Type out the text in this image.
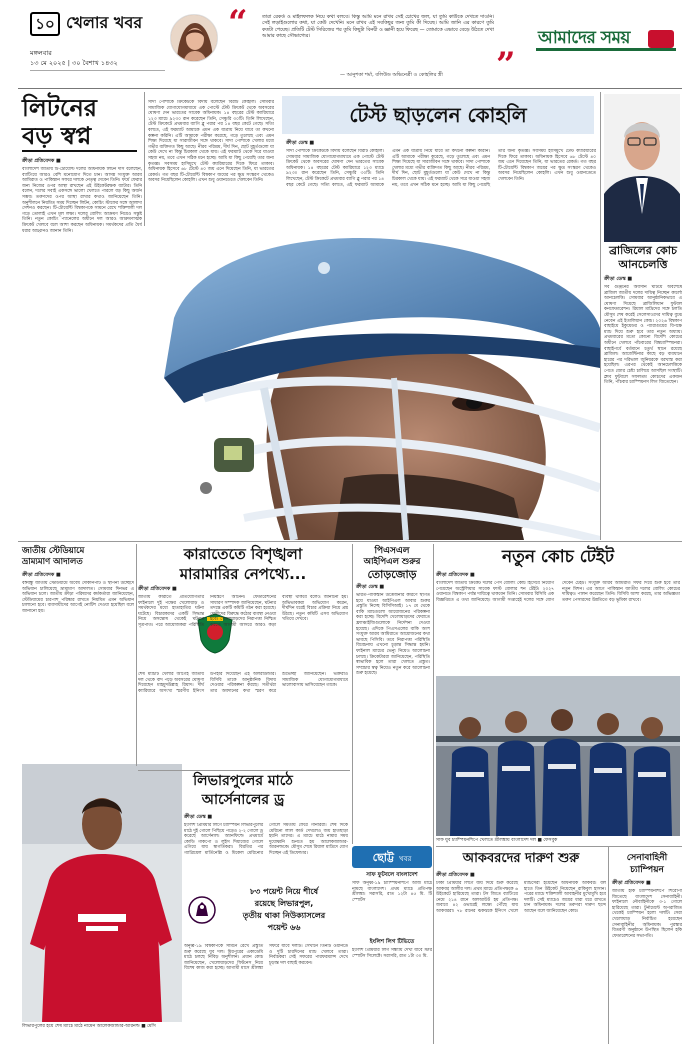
১০ খেলার খবর
মঙ্গলবার
১৩ মে ২০২৫ | ৩০ বৈশাখ ১৪৩২
“	তারা রেকর্ড ও মাইলফলক নিয়ে কথা বলবে। কিন্তু আমি মনে রাখব সেই চোখের জল, যা তুমি কাউকে দেখতে দাওনি। সেই লড়াইগুলোর কথা, যা কেউ দেখেনি। মনে রাখব এই সবকিছুর জন্য তুমি কী দিয়েছ। আমি জানি এর কারণে তুমি কতটা পেয়েছ। প্রতিটি টেস্ট সিরিজের পর তুমি কিছুটা বিনয়ী ও জ্ঞানী হয়ে ফিরেছ — তোমাকে এভাবে বেড়ে উঠতে দেখা আমার কাছে সৌভাগ্যের।
— আনুশকা শর্মা, বলিউড অভিনেত্রী ও কোহলির স্ত্রী ”
আমাদের সময়
লিটনের
বড় স্বপ্ন
ক্রীড়া প্রতিবেদক ■
বাংলাদেশ জাতীয় টি-টোয়েন্টি দলের অধিনায়ক লিটন দাস বলেছেন, ব্যাটিংয়ে আরও বেশি মনোযোগ দিতে চান। আসন্ন সংযুক্ত আরব আমিরাত ও পাকিস্তান সফরে দলকে নেতৃত্ব দেবেন তিনি। ফর্মে ফেরার জন্য নিজের ওপর আস্থা রাখছেন এই উইকেটরক্ষক ব্যাটার। তিনি বলেন, দলের সবাই একসঙ্গে ভালো খেলতে পারলে বড় কিছু অর্জন সম্ভব। তরুণদের ওপর আস্থা রাখার কথাও জানিয়েছেন তিনি। অনুশীলনে নিয়মিত সময় দিচ্ছেন লিটন, কোচিং স্টাফের সঙ্গে আলাদা সেশনও করছেন। টি-টোয়েন্টি বিশ্বকাপকে সামনে রেখে শক্তিশালী দল গড়ে তোলাই এখন মূল লক্ষ্য। দলের বোলিং আক্রমণ নিয়েও সন্তুষ্ট তিনি। নতুন কোচিং প্যানেলের অধীনে দল আরও আক্রমণাত্মক ক্রিকেট খেলবে বলে আশা করছেন অধিনায়ক। সমর্থকদের প্রতি ধৈর্য ধরার আহ্বানও জানান তিনি।
টেস্ট ছাড়লেন কোহলি
ক্রীড়া ডেস্ক ■
সাদা পোশাকে ক্রিকেটকে বিদায় বলেছেন বিরাট কোহলি। সোমবার সামাজিক যোগাযোগমাধ্যমে এক পোস্টে টেস্ট ক্রিকেট থেকে অবসরের ঘোষণা দেন ভারতের সাবেক অধিনায়ক। ১৪ বছরের টেস্ট ক্যারিয়ারে ১২৩ ম্যাচে ৯২৩০ রান করেছেন তিনি, সেঞ্চুরি ৩০টি। তিনি লিখেছেন, টেস্ট ক্রিকেটে প্রথমবার ব্যাগি ব্লু পরার পর ১৪ বছর কেটে গেছে। সত্যি বলতে, এই ফরম্যাট আমাকে এমন এক যাত্রায় নিয়ে যাবে তা কখনো কল্পনা করিনি। এটি আমাকে পরীক্ষা করেছে, গড়ে তুলেছে এবং এমন শিক্ষা দিয়েছে যা সারাজীবন সঙ্গে থাকবে। সাদা পোশাকে খেলার মধ্যে গভীর ব্যক্তিগত কিছু আছে। নীরব পরিশ্রম, দীর্ঘ দিন, ছোট মুহূর্তগুলো যা কেউ দেখে না কিন্তু চিরকাল থেকে যায়। এই ফরম্যাট থেকে সরে যাওয়া সহজ নয়, তবে এখন সঠিক মনে হচ্ছে। আমি যা কিছু পেয়েছি তার জন্য কৃতজ্ঞ। সবসময় হাসিমুখে টেস্ট ক্যারিয়ারের দিকে ফিরে তাকাব। অধিনায়ক হিসেবে ৬৮ টেস্টে ৪০ জয় এনে দিয়েছেন তিনি, যা ভারতের রেকর্ড। গত বছর টি-টোয়েন্টি বিশ্বকাপ জয়ের পর ক্ষুদ্র সংস্করণ থেকেও অবসর নিয়েছিলেন কোহলি। এখন শুধু ওয়ানডেতে খেলবেন তিনি।
সাদা পোশাকে ক্রিকেটকে বিদায় বলেছেন বিরাট কোহলি। সোমবার সামাজিক যোগাযোগমাধ্যমে এক পোস্টে টেস্ট ক্রিকেট থেকে অবসরের ঘোষণা দেন ভারতের সাবেক অধিনায়ক। ১৪ বছরের টেস্ট ক্যারিয়ারে ১২৩ ম্যাচে ৯২৩০ রান করেছেন তিনি, সেঞ্চুরি ৩০টি। তিনি লিখেছেন, টেস্ট ক্রিকেটে প্রথমবার ব্যাগি ব্লু পরার পর ১৪ বছর কেটে গেছে। সত্যি বলতে, এই ফরম্যাট আমাকে এমন এক যাত্রায় নিয়ে যাবে তা কখনো কল্পনা করিনি। এটি আমাকে পরীক্ষা করেছে, গড়ে তুলেছে এবং এমন শিক্ষা দিয়েছে যা সারাজীবন সঙ্গে থাকবে। সাদা পোশাকে খেলার মধ্যে গভীর ব্যক্তিগত কিছু আছে। নীরব পরিশ্রম, দীর্ঘ দিন, ছোট মুহূর্তগুলো যা কেউ দেখে না কিন্তু চিরকাল থেকে যায়। এই ফরম্যাট থেকে সরে যাওয়া সহজ নয়, তবে এখন সঠিক মনে হচ্ছে। আমি যা কিছু পেয়েছি তার জন্য কৃতজ্ঞ। সবসময় হাসিমুখে টেস্ট ক্যারিয়ারের দিকে ফিরে তাকাব। অধিনায়ক হিসেবে ৬৮ টেস্টে ৪০ জয় এনে দিয়েছেন তিনি, যা ভারতের রেকর্ড। গত বছর টি-টোয়েন্টি বিশ্বকাপ জয়ের পর ক্ষুদ্র সংস্করণ থেকেও অবসর নিয়েছিলেন কোহলি। এখন শুধু ওয়ানডেতে খেলবেন তিনি।
ব্রাজিলের কোচ
আনচেলত্তি
ক্রীড়া ডেস্ক ■
সব গুঞ্জনের অবসান ঘটিয়ে অবশেষে ব্রাজিল জাতীয় দলের দায়িত্ব নিচ্ছেন কার্লো আনচেলত্তি। সোমবার আনুষ্ঠানিকভাবে এ ঘোষণা দিয়েছে ব্রাজিলিয়ান ফুটবল কনফেডারেশন। রিয়াল মাদ্রিদের সঙ্গে চলতি মৌসুম শেষ করেই সেলেসাওদের দায়িত্ব বুঝে নেবেন এই ইতালিয়ান কোচ। ২০২৬ বিশ্বকাপ বাছাইয়ে ইকুয়েডর ও প্যারাগুয়ের বিপক্ষে ম্যাচ দিয়ে শুরু হবে তার নতুন অধ্যায়। প্রথমবারের মতো কোনো বিদেশি কোচের অধীনে খেলবে পাঁচবারের বিশ্বচ্যাম্পিয়নরা। বাছাইপর্বে বর্তমানে চতুর্থ স্থানে রয়েছে ব্রাজিল। আর্জেন্টিনার কাছে বড় ব্যবধানে হারের পর দরিভাল জুনিয়রকে বরখাস্ত করা হয়েছিল। এরপর থেকেই আনচেলত্তিকে পেতে জোর চেষ্টা চালিয়ে আসছিল সংস্থাটি। ক্লাব ফুটবলে সফলতম কোচদের একজন তিনি, পাঁচবার চ্যাম্পিয়নস লিগ জিতেছেন।
জাতীয় স্টেডিয়ামে
ভ্রাম্যমাণ আদালত
ক্রীড়া প্রতিবেদক ■
বঙ্গবন্ধু জাতীয় স্টেডিয়ামে অবৈধ দোকানপাট ও স্থাপনা উচ্ছেদে অভিযান চালিয়েছে ভ্রাম্যমাণ আদালত। সোমবার দিনভর এ অভিযান চলে। জাতীয় ক্রীড়া পরিষদের কর্মকর্তারা জানিয়েছেন, স্টেডিয়ামের চারপাশ পরিষ্কার রাখতে নিয়মিত এমন অভিযান চালানো হবে। ব্যবসায়ীদের আগেই নোটিশ দেওয়া হয়েছিল বলে জানানো হয়।
কারাতেতে বিশৃঙ্খলা
মারামারির নেপথ্যে...
ক্রীড়া প্রতিবেদক ■
জাতীয় কারাতে প্রতিযোগিতার ফাইনালে দুই পক্ষের খেলোয়াড় ও সমর্থকদের মধ্যে হাতাহাতির ঘটনা ঘটেছে। বিচারকদের একটি সিদ্ধান্ত নিয়ে অসন্তোষ থেকেই ঘটনার সূত্রপাত। পরে আয়োজকরা পরিস্থিতি নিয়ন্ত্রণে আনেন। ফেডারেশনের সাধারণ সম্পাদক জানিয়েছেন, ঘটনার তদন্তে একটি কমিটি গঠন করা হয়েছে। দোষীদের বিরুদ্ধে কঠোর ব্যবস্থা নেওয়া হবে। খেলোয়াড়দের নিরাপত্তা নিশ্চিত করতে আগামী আসরে আরও কড়া ব্যবস্থা থাকবে বলেও জানানো হয়। অভিভাবকরা অভিযোগ করেন, দীর্ঘদিন ধরেই বিচার প্রক্রিয়া নিয়ে প্রশ্ন উঠছে। নতুন কমিটি এসব অভিযোগ খতিয়ে দেখবে।
পিএসএল
আইপিএল শুরুর
তোড়জোড়
ক্রীড়া ডেস্ক ■
ভারত-পাকিস্তান উত্তেজনার কারণে স্থগিত হয়ে যাওয়া আইপিএল আবার শুরুর প্রস্তুতি নিচ্ছে বিসিসিআই। ১৭ মে থেকে বাকি ম্যাচগুলো আয়োজনের পরিকল্পনা করা হচ্ছে। বিদেশি খেলোয়াড়দের ফেরাতে ফ্র্যাঞ্চাইজিগুলোকে নির্দেশনা দেওয়া হয়েছে। এদিকে পিএসএলের বাকি অংশ সংযুক্ত আরব আমিরাতে আয়োজনের কথা ভাবছে পিসিবি। তবে নিরাপত্তা পরিস্থিতি বিবেচনায় এখনো চূড়ান্ত সিদ্ধান্ত হয়নি। ফাইনাল ম্যাচের ভেন্যু নিয়েও আলোচনা চলছে। ক্রিকেটাররা জানিয়েছেন, পরিস্থিতি স্বাভাবিক হলে তারা খেলতে প্রস্তুত। সম্প্রচার স্বত্ব নিয়েও নতুন করে আলোচনা শুরু হয়েছে।
নতুন কোচ টেইট
ক্রীড়া প্রতিবেদক ■
বাংলাদেশ জাতীয় ক্রিকেট দলের পেস বোলিং কোচ হিসেবে নিয়োগ পেয়েছেন অস্ট্রেলিয়ার সাবেক ফাস্ট বোলার শন টেইট। ২০২৭ ওয়ানডে বিশ্বকাপ পর্যন্ত দায়িত্বে থাকবেন তিনি। সোমবার বিসিবি এক বিজ্ঞপ্তিতে এ তথ্য জানিয়েছে। আগামী সপ্তাহেই দলের সঙ্গে যোগ দেবেন টেইট। সংযুক্ত আরব আমিরাত সফর দিয়ে শুরু হবে তার নতুন মিশন। এর আগে পাকিস্তান জাতীয় দলের বোলিং কোচের দায়িত্বও পালন করেছেন তিনি। বিসিবি আশা করছে, তার অভিজ্ঞতা তরুণ পেসারদের উন্নতিতে বড় ভূমিকা রাখবে।
সাফ যুব চ্যাম্পিয়নশিপে খেলতে শ্রীলঙ্কায় বাংলাদেশ দল ■ ফেসবুক
লিভারপুলের মাঠে
আর্সেনালের ড্র
শেষ ম্যাচটি খেলার আগেই জাতীয় দল থেকে বাদ পড়ে অবসরের ঘোষণা দিয়েছেন মাহমুদউল্লাহ রিয়াদ। দীর্ঘ ক্যারিয়ারে অসংখ্য স্মরণীয় ইনিংস উপহার দিয়েছেন এই অলরাউন্ডার। বিসিবি তাকে আনুষ্ঠানিক বিদায় দেওয়ার পরিকল্পনা করছে। সতীর্থরা তার অবদানের কথা স্মরণ করে শুভেচ্ছা জানিয়েছেন। ভক্তরাও সামাজিক যোগাযোগমাধ্যমে ভালোবাসায় ভাসিয়েছেন তাকে।
ক্রীড়া ডেস্ক ■
ইংলিশ প্রিমিয়ার লিগে চ্যাম্পিয়ন লিভারপুলের মাঠে দুই গোলে পিছিয়ে পড়েও ২-২ গোলে ড্র করেছে আর্সেনাল। অ্যানফিল্ডে প্রথমার্ধে কোডি গাকপো ও লুইস দিয়াজের গোলে এগিয়ে যায় স্বাগতিকরা। বিরতির পর গ্যাব্রিয়েল মার্তিনেল্লি ও মিকেল মেরিনোর গোলে সমতায় ফেরে গানাররা। শেষ দিকে মেরিনো লাল কার্ড দেখলেও জয় হাতছাড়া হয়নি তাদের। এ ম্যাচে মাঠে নামার সময় দুয়োধ্বনি শুনতে হয় আলেকজান্ডার-আরনল্ডকে। মৌসুম শেষে রিয়াল মাদ্রিদে যোগ দিচ্ছেন এই ডিফেন্ডার।
লিভারপুলের হয়ে শেষ ম্যাচে মাঠে নামেন আলেকজান্ডার-আরনল্ড ■ মেসি
৮৩ পয়েন্ট নিয়ে শীর্ষে
রয়েছে লিভারপুল,
তৃতীয় থাকা নিউক্যাসলের
পয়েন্ট ৬৬
অনূর্ধ্ব-১৯ বিশ্বকাপকে সামনে রেখে প্রস্তুতি শুরু করেছে যুব দল। মিরপুরের একাডেমি মাঠে চলছে নিবিড় অনুশীলন। প্রধান কোচ জানিয়েছেন, খেলোয়াড়দের ফিটনেস নিয়ে বিশেষ কাজ করা হচ্ছে। আগামী মাসে শ্রীলঙ্কা সফরে যাবে দলটি। সেখানে তিনটি ওয়ানডে ও দুটি চারদিনের ম্যাচ খেলবে তারা। নির্বাচকরা সেই সফরের পারফরম্যান্স দেখে চূড়ান্ত দল বাছাই করবেন।
ছোট্ট খবর
সাফ ফুটবলে বাংলাদেশ
সাফ অনূর্ধ্ব-১৯ চ্যাম্পিয়নশিপে আজ মাঠে নামছে বাংলাদেশ। প্রথম ম্যাচে প্রতিপক্ষ শ্রীলঙ্কা। সরাসরি, রাত ১২টা ৪৫ মি. টি স্পোর্টস
ইংলিশ লিগ টিভিতে
ইংলিশ প্রিমিয়ার লিগ সন্ধ্যায় দেখা যাবে স্টার স্পোর্টস সিলেক্টে। সরাসরি, রাত ১টা ৩০ মি.
আকবরদের দারুণ শুরু
ক্রীড়া প্রতিবেদক ■
ঢাকা প্রিমিয়ার লিগে জয় দিয়ে শুরু করেছে আকবর আলীর দল। প্রথম ম্যাচে প্রতিপক্ষকে ৬ উইকেটে হারিয়েছে তারা। টস জিতে ব্যাটিংয়ে নেমে ২১৪ রানে অলআউট হয় প্রতিপক্ষ। জবাবে ৪২ ওভারেই লক্ষ্যে পৌঁছে যায় আকবররা। ৭৮ রানের ঝকঝকে ইনিংস খেলে ম্যাচসেরা হয়েছেন অধিনায়ক আকবর। বল হাতে তিন উইকেট নিয়েছেন রাকিবুল হাসান। পরের ম্যাচে শক্তিশালী আবাহনীর মুখোমুখি হবে দলটি। সেই ম্যাচেও জয়ের ধারা ধরে রাখতে চান অধিনায়ক। দলের তরুণরা দারুণ ছন্দে আছেন বলে জানিয়েছেন কোচ।
সেনাবাহিনী
চ্যাম্পিয়ন
ক্রীড়া প্রতিবেদক ■
জাতীয় হকি চ্যাম্পিয়নশিপে শিরোপা জিতেছে বাংলাদেশ সেনাবাহিনী। ফাইনালে নৌবাহিনীকে ৩-১ গোলে হারিয়েছে তারা। টুর্নামেন্টে অপরাজিত থেকেই চ্যাম্পিয়ন হলো দলটি। সেরা খেলোয়াড় নির্বাচিত হয়েছেন সেনাবাহিনীর অধিনায়ক। পুরস্কার বিতরণী অনুষ্ঠানে উপস্থিত ছিলেন হকি ফেডারেশনের সভাপতি।
